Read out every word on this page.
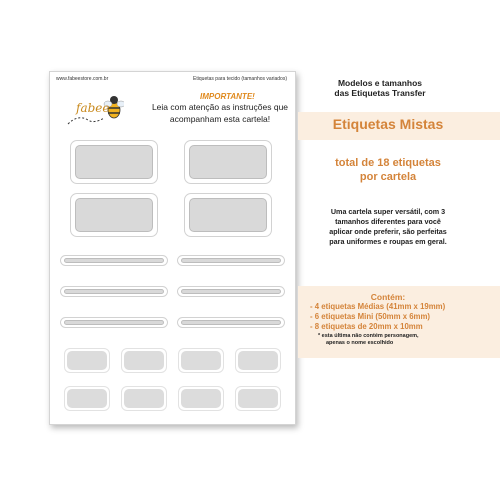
www.fabeestore.com.br	Etiquetas para tecido (tamanhos variados)
fabee
IMPORTANTE!
Leia com atenção as instruções que
acompanham esta cartela!
Modelos e tamanhos
das Etiquetas Transfer
Etiquetas Mistas
total de 18 etiquetas
por cartela
Uma cartela super versátil, com 3
tamanhos diferentes para você
aplicar onde preferir, são perfeitas
para uniformes e roupas em geral.
Contém:
- 4 etiquetas Médias (41mm x 19mm)
- 6 etiquetas Mini (50mm x 6mm)
- 8 etiquetas de 20mm x 10mm
* esta última não contém personagem,
apenas o nome escolhido
